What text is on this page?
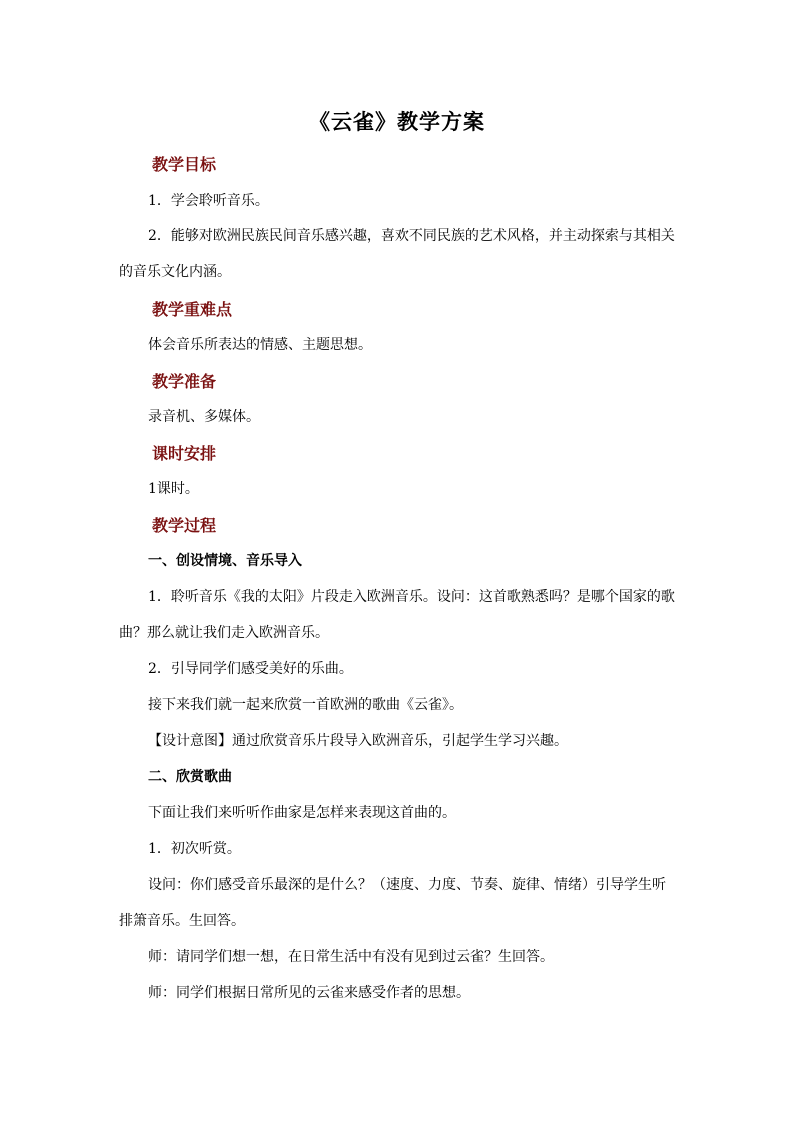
《云雀》教学方案
教学目标
1．学会聆听音乐。
2．能够对欧洲民族民间音乐感兴趣，喜欢不同民族的艺术风格，并主动探索与其相关
的音乐文化内涵。
教学重难点
体会音乐所表达的情感、主题思想。
教学准备
录音机、多媒体。
课时安排
1课时。
教学过程
一、创设情境、音乐导入
1．聆听音乐《我的太阳》片段走入欧洲音乐。设问：这首歌熟悉吗？是哪个国家的歌
曲？那么就让我们走入欧洲音乐。
2．引导同学们感受美好的乐曲。
接下来我们就一起来欣赏一首欧洲的歌曲《云雀》。
【设计意图】通过欣赏音乐片段导入欧洲音乐，引起学生学习兴趣。
二、欣赏歌曲
下面让我们来听听作曲家是怎样来表现这首曲的。
1．初次听赏。
设问：你们感受音乐最深的是什么？（速度、力度、节奏、旋律、情绪）引导学生听
排箫音乐。生回答。
师：请同学们想一想，在日常生活中有没有见到过云雀？生回答。
师：同学们根据日常所见的云雀来感受作者的思想。
